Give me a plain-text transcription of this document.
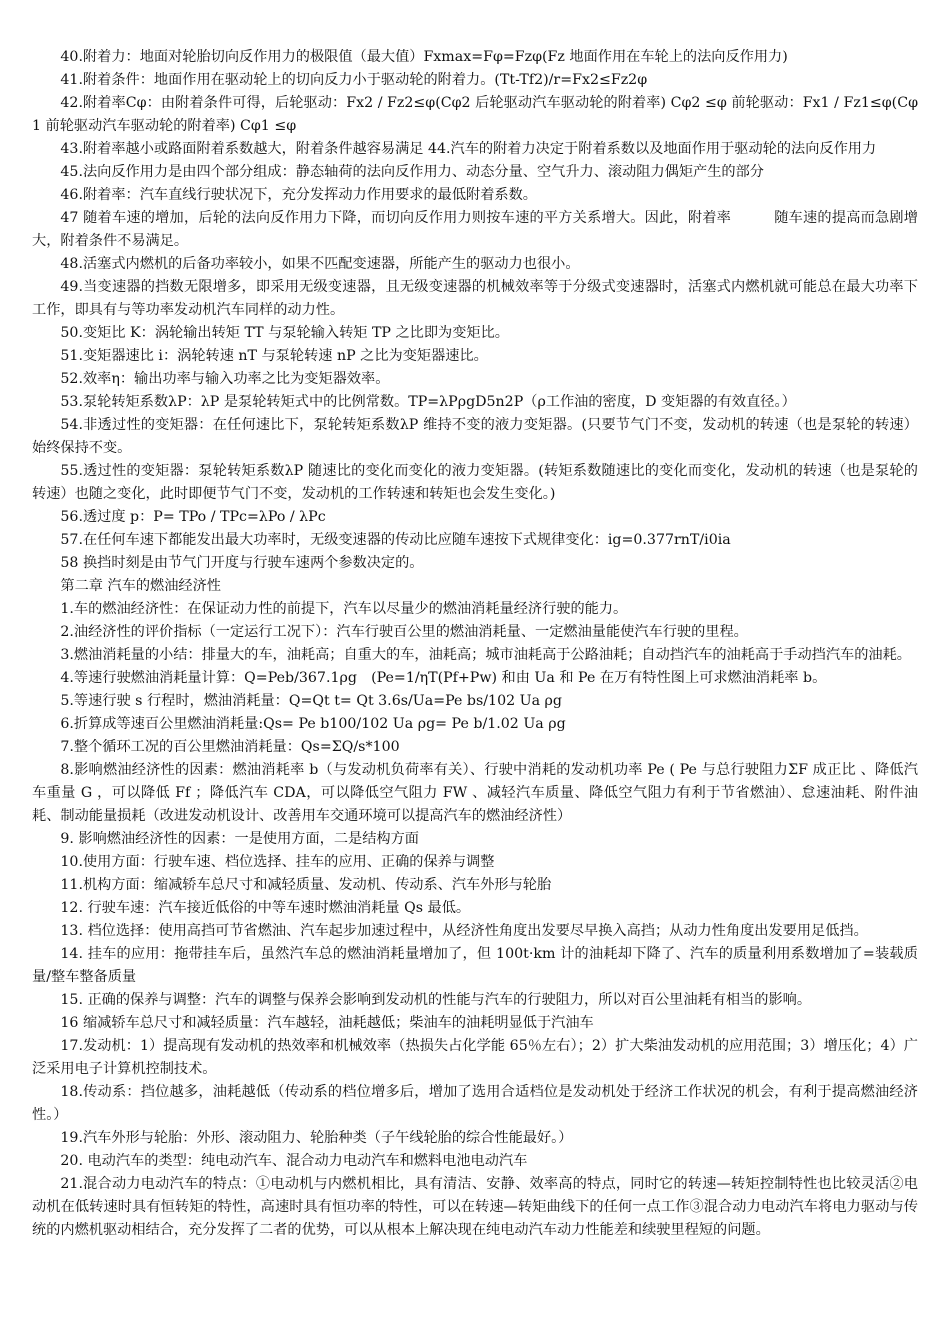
40.附着力：地面对轮胎切向反作用力的极限值（最大值）Fxmax=Fφ=Fzφ(Fz 地面作用在车轮上的法向反作用力)

41.附着条件：地面作用在驱动轮上的切向反力小于驱动轮的附着力。(Tt-Tf2)/r=Fx2≤Fz2φ

42.附着率Cφ：由附着条件可得，后轮驱动：Fx2 / Fz2≤φ(Cφ2 后轮驱动汽车驱动轮的附着率) Cφ2 ≤φ 前轮驱动：Fx1 / Fz1≤φ(Cφ1 前轮驱动汽车驱动轮的附着率) Cφ1 ≤φ

43.附着率越小或路面附着系数越大，附着条件越容易满足 44.汽车的附着力决定于附着系数以及地面作用于驱动轮的法向反作用力

45.法向反作用力是由四个部分组成：静态轴荷的法向反作用力、动态分量、空气升力、滚动阻力偶矩产生的部分

46.附着率：汽车直线行驶状况下，充分发挥动力作用要求的最低附着系数。

47 随着车速的增加，后轮的法向反作用力下降，而切向反作用力则按车速的平方关系增大。因此，附着率　　　随车速的提高而急剧增大，附着条件不易满足。

48.活塞式内燃机的后备功率较小，如果不匹配变速器，所能产生的驱动力也很小。

49.当变速器的挡数无限增多，即采用无级变速器，且无级变速器的机械效率等于分级式变速器时，活塞式内燃机就可能总在最大功率下工作，即具有与等功率发动机汽车同样的动力性。

50.变矩比 K：涡轮输出转矩 TT 与泵轮输入转矩 TP 之比即为变矩比。

51.变矩器速比 i：涡轮转速 nT 与泵轮转速 nP 之比为变矩器速比。

52.效率η：输出功率与输入功率之比为变矩器效率。

53.泵轮转矩系数λP：λP 是泵轮转矩式中的比例常数。TP=λPρgD5n2P（ρ工作油的密度，D 变矩器的有效直径。）

54.非透过性的变矩器：在任何速比下，泵轮转矩系数λP 维持不变的液力变矩器。(只要节气门不变，发动机的转速（也是泵轮的转速）始终保持不变。

55.透过性的变矩器：泵轮转矩系数λP 随速比的变化而变化的液力变矩器。(转矩系数随速比的变化而变化，发动机的转速（也是泵轮的转速）也随之变化，此时即便节气门不变，发动机的工作转速和转矩也会发生变化。)

56.透过度 p：P= TPo / TPc=λPo / λPc

57.在任何车速下都能发出最大功率时，无级变速器的传动比应随车速按下式规律变化：ig=0.377rnT/i0ia

58 换挡时刻是由节气门开度与行驶车速两个参数决定的。

第二章 汽车的燃油经济性

1.车的燃油经济性：在保证动力性的前提下，汽车以尽量少的燃油消耗量经济行驶的能力。

2.油经济性的评价指标（一定运行工况下）：汽车行驶百公里的燃油消耗量、一定燃油量能使汽车行驶的里程。

3.燃油消耗量的小结：排量大的车，油耗高；自重大的车，油耗高；城市油耗高于公路油耗；自动挡汽车的油耗高于手动挡汽车的油耗。

4.等速行驶燃油消耗量计算：Q=Peb/367.1ρg　(Pe=1/ηT(Pf+Pw) 和由 Ua 和 Pe 在万有特性图上可求燃油消耗率 b。

5.等速行驶 s 行程时，燃油消耗量：Q=Qt t= Qt 3.6s/Ua=Pe bs/102 Ua ρg

6.折算成等速百公里燃油消耗量:Qs= Pe b100/102 Ua ρg= Pe b/1.02 Ua ρg

7.整个循环工况的百公里燃油消耗量：Qs=ΣQ/s*100

8.影响燃油经济性的因素：燃油消耗率 b（与发动机负荷率有关）、行驶中消耗的发动机功率 Pe ( Pe 与总行驶阻力ΣF 成正比 、降低汽车重量 G ，可以降低 Ff ；降低汽车 CDA，可以降低空气阻力 FW 、减轻汽车质量、降低空气阻力有利于节省燃油）、怠速油耗、附件油耗、制动能量损耗（改进发动机设计、改善用车交通环境可以提高汽车的燃油经济性）

9. 影响燃油经济性的因素：一是使用方面，二是结构方面

10.使用方面：行驶车速、档位选择、挂车的应用、正确的保养与调整

11.机构方面：缩减轿车总尺寸和减轻质量、发动机、传动系、汽车外形与轮胎

12. 行驶车速：汽车接近低俗的中等车速时燃油消耗量 Qs 最低。

13. 档位选择：使用高挡可节省燃油、汽车起步加速过程中，从经济性角度出发要尽早换入高挡；从动力性角度出发要用足低挡。

14. 挂车的应用：拖带挂车后，虽然汽车总的燃油消耗量增加了，但 100t·km 计的油耗却下降了、汽车的质量利用系数增加了=装载质量/整车整备质量

15. 正确的保养与调整：汽车的调整与保养会影响到发动机的性能与汽车的行驶阻力，所以对百公里油耗有相当的影响。

16 缩减轿车总尺寸和减轻质量：汽车越轻，油耗越低；柴油车的油耗明显低于汽油车

17.发动机：1）提高现有发动机的热效率和机械效率（热损失占化学能 65％左右）；2）扩大柴油发动机的应用范围；3）增压化；4）广泛采用电子计算机控制技术。

18.传动系：挡位越多，油耗越低（传动系的档位增多后，增加了选用合适档位是发动机处于经济工作状况的机会，有利于提高燃油经济性。）

19.汽车外形与轮胎：外形、滚动阻力、轮胎种类（子午线轮胎的综合性能最好。）

20. 电动汽车的类型：纯电动汽车、混合动力电动汽车和燃料电池电动汽车

21.混合动力电动汽车的特点：①电动机与内燃机相比，具有清洁、安静、效率高的特点，同时它的转速—转矩控制特性也比较灵活②电动机在低转速时具有恒转矩的特性，高速时具有恒功率的特性，可以在转速—转矩曲线下的任何一点工作③混合动力电动汽车将电力驱动与传统的内燃机驱动相结合，充分发挥了二者的优势，可以从根本上解决现在纯电动汽车动力性能差和续驶里程短的问题。
